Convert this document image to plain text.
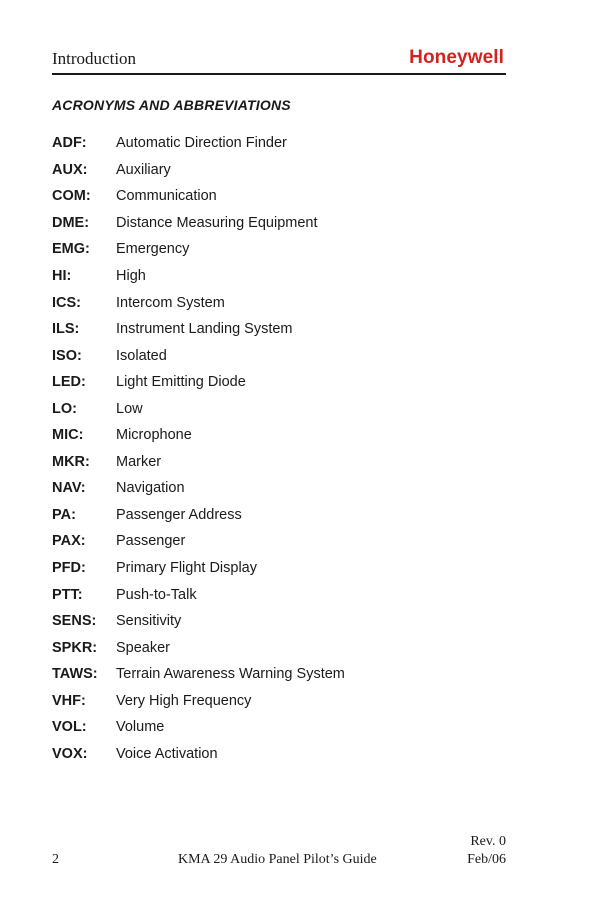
Introduction	Honeywell
ACRONYMS AND ABBREVIATIONS
ADF:	Automatic Direction Finder
AUX:	Auxiliary
COM:	Communication
DME:	Distance Measuring Equipment
EMG:	Emergency
HI:	High
ICS:	Intercom System
ILS:	Instrument Landing System
ISO:	Isolated
LED:	Light Emitting Diode
LO:	Low
MIC:	Microphone
MKR:	Marker
NAV:	Navigation
PA:	Passenger Address
PAX:	Passenger
PFD:	Primary Flight Display
PTT:	Push-to-Talk
SENS:	Sensitivity
SPKR:	Speaker
TAWS:	Terrain Awareness Warning System
VHF:	Very High Frequency
VOL:	Volume
VOX:	Voice Activation
2	KMA 29 Audio Panel Pilot’s Guide
Rev. 0
Feb/06
